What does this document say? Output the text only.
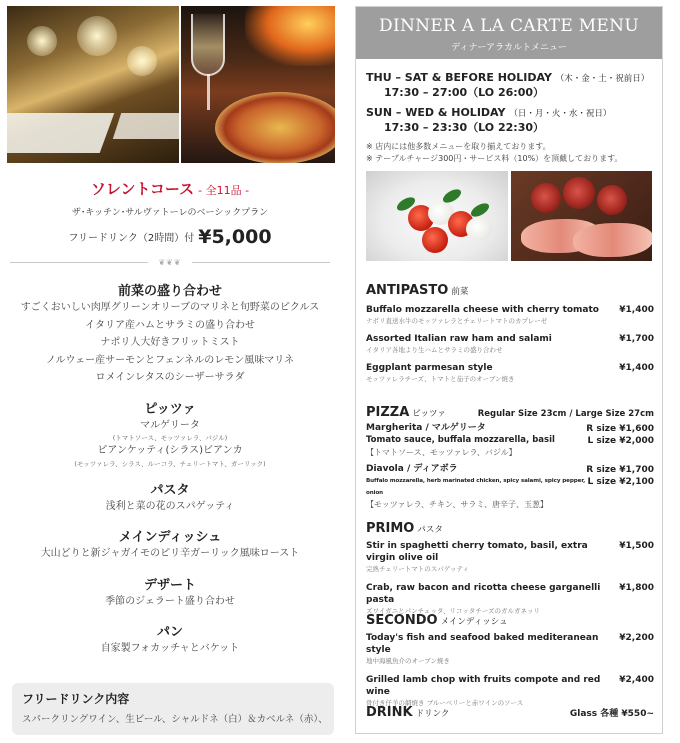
ソレントコース - 全11品 -
ザ･キッチン･サルヴァトーレのベーシックプラン
フリードリンク（2時間）付 ¥5,000
❦❦❦
前菜の盛り合わせ
すごくおいしい肉厚グリーンオリーブのマリネと旬野菜のピクルス
イタリア産ハムとサラミの盛り合わせ
ナポリ人大好きフリットミスト
ノルウェー産サーモンとフェンネルのレモン風味マリネ
ロメインレタスのシーザーサラダ
ピッツァ
マルゲリータ
(トマトソース、モッツァレラ、バジル)
ピアンケッティ(シラス)ビアンカ
(モッツァレラ、シラス、ルーコラ、チェリートマト、ガーリック)
パスタ
浅利と菜の花のスパゲッティ
メインディッシュ
大山どりと新ジャガイモのピリ辛ガーリック風味ロースト
デザート
季節のジェラート盛り合わせ
パン
自家製フォカッチャとバケット
フリードリンク内容
スパークリングワイン、生ビール、シャルドネ（白）＆カベルネ（赤）、
DINNER A LA CARTE MENU
ディナーアラカルトメニュー
THU – SAT & BEFORE HOLIDAY （木・金・土・祝前日）
17:30 – 27:00（LO 26:00）
SUN – WED & HOLIDAY （日・月・火・水・祝日）
17:30 – 23:30（LO 22:30）
※ 店内には他多数メニューを取り揃えております。
※ テーブルチャージ300円・サービス料（10%）を頂戴しております。
ANTIPASTO 前菜
Buffalo mozzarella cheese with cherry tomato
ナポリ直送水牛のモッツァレラとチェリートマトのカプレーゼ
¥1,400
Assorted Italian raw ham and salami
イタリア各地より生ハムとサラミの盛り合わせ
¥1,700
Eggplant parmesan style
モッツァレラチーズ、トマトと茄子のオーブン焼き
¥1,400
PIZZA ピッツァ	Regular Size 23cm / Large Size 27cm
Margherita / マルゲリータ	R size ¥1,600
Tomato sauce, buffala mozzarella, basil	L size ¥2,000
【トマトソース、モッツァレラ、バジル】
Diavola / ディアボラ	R size ¥1,700
Buffalo mozzarella, herb marinated chicken, spicy salami, spicy pepper, onion
L size ¥2,100
【モッツァレラ、チキン、サラミ、唐辛子、玉葱】
PRIMO パスタ
Stir in spaghetti cherry tomato, basil, extra virgin olive oil
完熟チェリートマトのスパゲッティ
¥1,500
Crab, raw bacon and ricotta cheese garganelli pasta
ズワイガニとパンチェッタ、リコッタチーズのガルガネッリ
¥1,800
SECONDO メインディッシュ
Today's fish and seafood baked mediteranean style
地中海風魚介のオーブン焼き
¥2,200
Grilled lamb chop with fruits compote and red wine
骨付き仔羊の網焼き ブルーベリーと赤ワインのソース
¥2,400
DRINK ドリンク	Glass 各種 ¥550~
